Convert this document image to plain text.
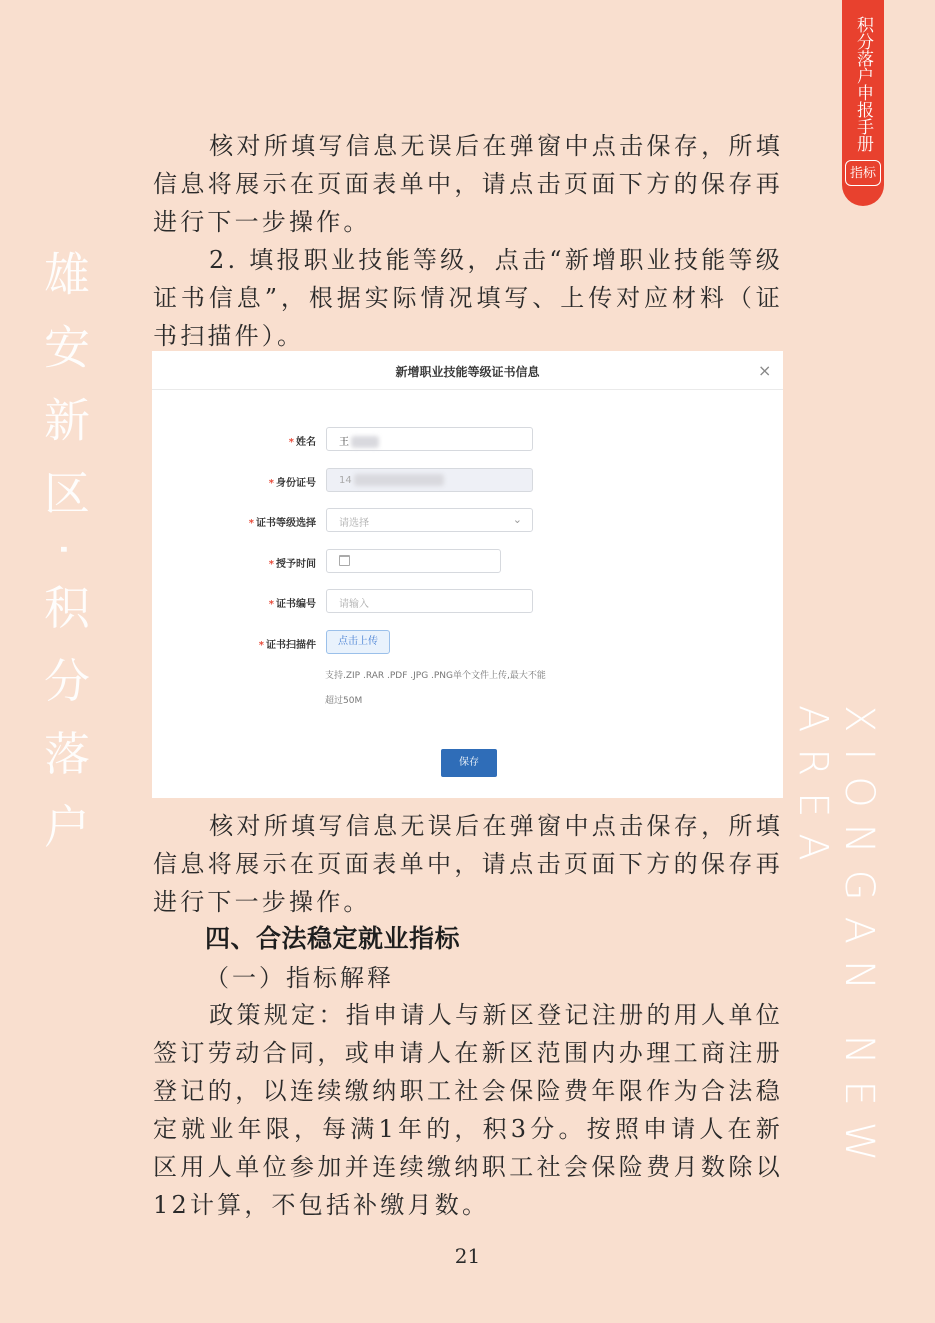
雄安新区·积分落户
XIONGAN NEW AREA
积分落户申报手册
指标

核对所填写信息无误后在弹窗中点击保存，所填信息将展示在页面表单中，请点击页面下方的保存再进行下一步操作。

2. 填报职业技能等级，点击“新增职业技能等级证书信息”，根据实际情况填写、上传对应材料（证书扫描件）。

新增职业技能等级证书信息	×
* 姓名	王
* 身份证号	14
* 证书等级选择	请选择	⌄
* 授予时间
* 证书编号	请输入
* 证书扫描件	点击上传
支持.ZIP .RAR .PDF .JPG .PNG单个文件上传,最大不能
超过50M
保存

核对所填写信息无误后在弹窗中点击保存，所填信息将展示在页面表单中，请点击页面下方的保存再进行下一步操作。

四、合法稳定就业指标
（一）指标解释

政策规定：指申请人与新区登记注册的用人单位签订劳动合同，或申请人在新区范围内办理工商注册登记的，以连续缴纳职工社会保险费年限作为合法稳定就业年限，每满1年的，积3分。按照申请人在新区用人单位参加并连续缴纳职工社会保险费月数除以12计算，不包括补缴月数。

21
